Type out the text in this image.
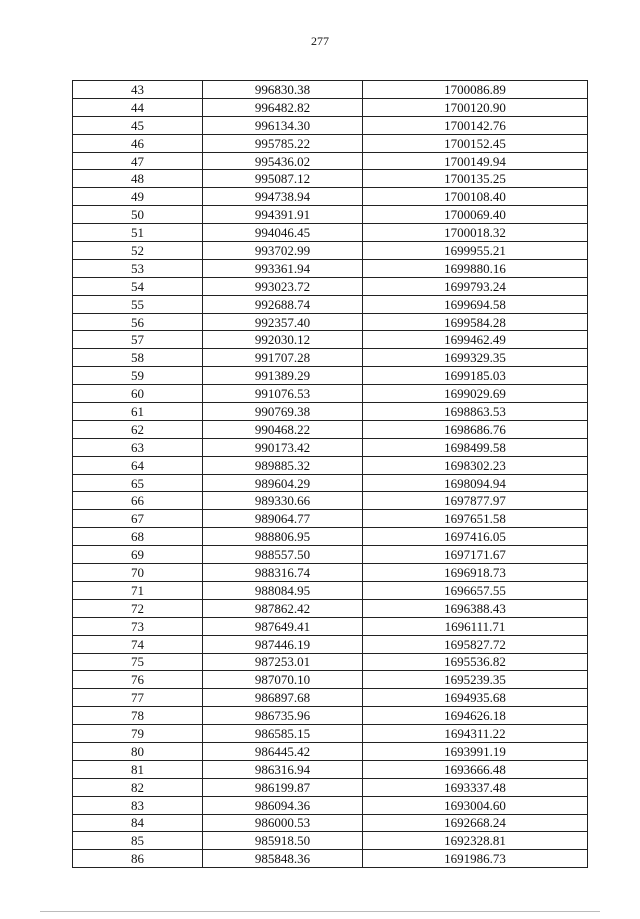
277
43	996830.38	1700086.89
44	996482.82	1700120.90
45	996134.30	1700142.76
46	995785.22	1700152.45
47	995436.02	1700149.94
48	995087.12	1700135.25
49	994738.94	1700108.40
50	994391.91	1700069.40
51	994046.45	1700018.32
52	993702.99	1699955.21
53	993361.94	1699880.16
54	993023.72	1699793.24
55	992688.74	1699694.58
56	992357.40	1699584.28
57	992030.12	1699462.49
58	991707.28	1699329.35
59	991389.29	1699185.03
60	991076.53	1699029.69
61	990769.38	1698863.53
62	990468.22	1698686.76
63	990173.42	1698499.58
64	989885.32	1698302.23
65	989604.29	1698094.94
66	989330.66	1697877.97
67	989064.77	1697651.58
68	988806.95	1697416.05
69	988557.50	1697171.67
70	988316.74	1696918.73
71	988084.95	1696657.55
72	987862.42	1696388.43
73	987649.41	1696111.71
74	987446.19	1695827.72
75	987253.01	1695536.82
76	987070.10	1695239.35
77	986897.68	1694935.68
78	986735.96	1694626.18
79	986585.15	1694311.22
80	986445.42	1693991.19
81	986316.94	1693666.48
82	986199.87	1693337.48
83	986094.36	1693004.60
84	986000.53	1692668.24
85	985918.50	1692328.81
86	985848.36	1691986.73
